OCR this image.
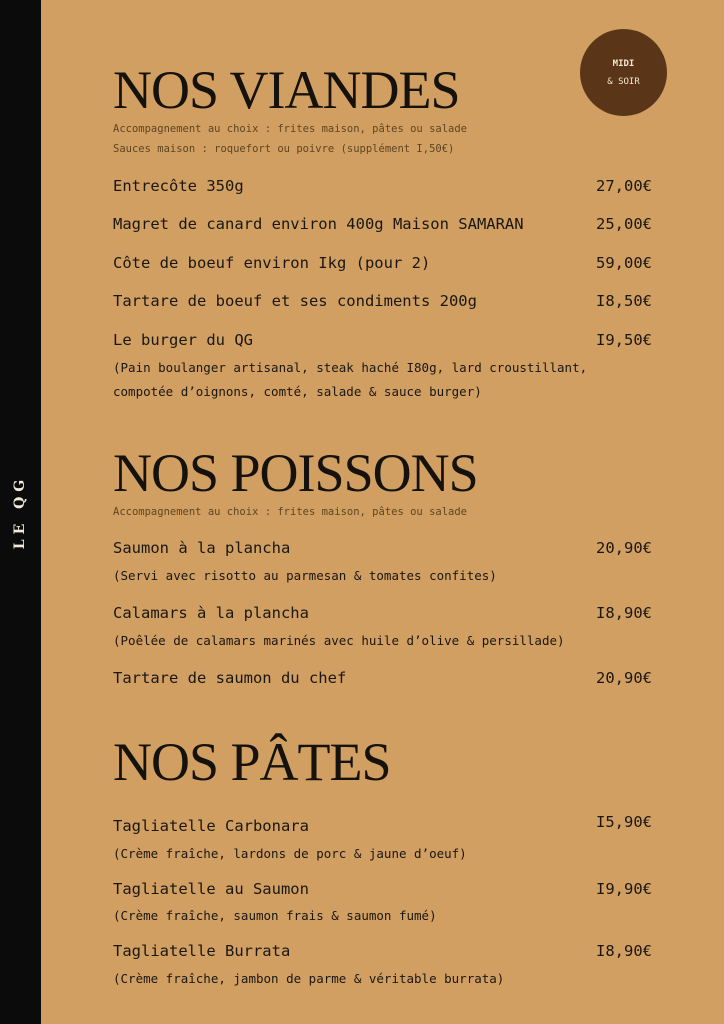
LE QG
MIDI
& SOIR
NOS VIANDES
Accompagnement au choix : frites maison, pâtes ou salade
Sauces maison : roquefort ou poivre (supplément I,50€)
Entrecôte 350g	27,00€
Magret de canard environ 400g Maison SAMARAN	25,00€
Côte de boeuf environ Ikg (pour 2)	59,00€
Tartare de boeuf et ses condiments 200g	I8,50€
Le burger du QG	I9,50€
(Pain boulanger artisanal, steak haché I80g, lard croustillant,
compotée d’oignons, comté, salade & sauce burger)
NOS POISSONS
Accompagnement au choix : frites maison, pâtes ou salade
Saumon à la plancha	20,90€
(Servi avec risotto au parmesan & tomates confites)
Calamars à la plancha	I8,90€
(Poêlée de calamars marinés avec huile d’olive & persillade)
Tartare de saumon du chef	20,90€
NOS PÂTES
Tagliatelle Carbonara	I5,90€
(Crème fraîche, lardons de porc & jaune d’oeuf)
Tagliatelle au Saumon	I9,90€
(Crème fraîche, saumon frais & saumon fumé)
Tagliatelle Burrata	I8,90€
(Crème fraîche, jambon de parme & véritable burrata)
